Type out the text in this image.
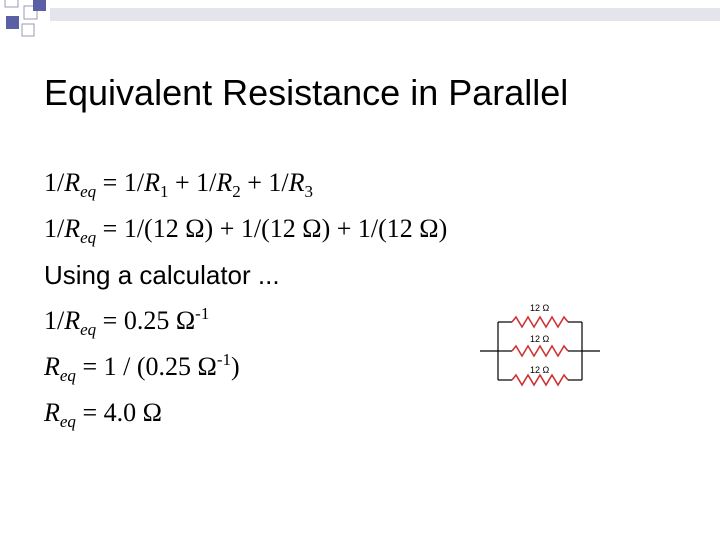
Equivalent Resistance in Parallel
$1/R_{eq} = 1/R_1 + 1/R_2 + 1/R_3$
$1/R_{eq} = 1/(12$ Ω) + 1/(12 Ω) + 1/(12 Ω)
Using a calculator ...
$1/R_{eq} = 0.25$ $\Omega^{-1}$
$R_{eq} = 1 / (0.25$ $\Omega^{-1}$)
$R_{eq} = 4.0$ Ω
12 Ω
12 Ω
12 Ω
